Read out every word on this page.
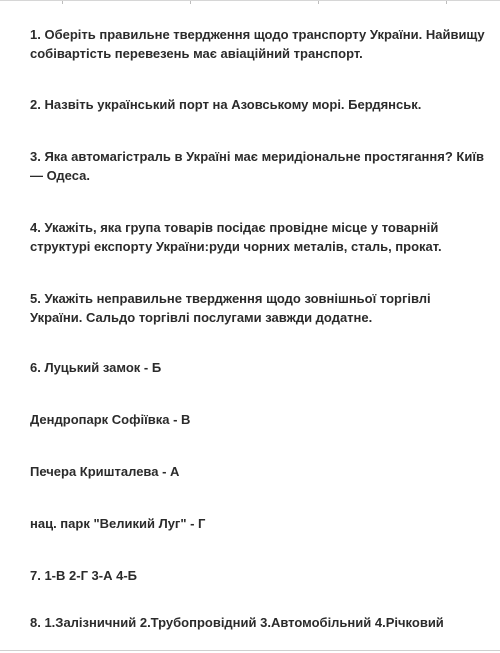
1. Оберіть правильне твердження щодо транспорту України. Найвищу
собівартість перевезень має авіаційний транспорт.
2. Назвіть український порт на Азовському морі. Бердянськ.
3. Яка автомагістраль в Україні має меридіональне простягання? Київ
— Одеса.
4. Укажіть, яка група товарів посідає провідне місце у товарній
структурі експорту України:руди чорних металів, сталь, прокат.
5. Укажіть неправильне твердження щодо зовнішньої торгівлі
України. Сальдо торгівлі послугами завжди додатне.
6. Луцький замок - Б
Дендропарк Софіївка - В
Печера Кришталева - А
нац. парк "Великий Луг" - Г
7. 1-В 2-Г 3-А 4-Б
8. 1.Залізничний 2.Трубопровідний 3.Автомобільний 4.Річковий
